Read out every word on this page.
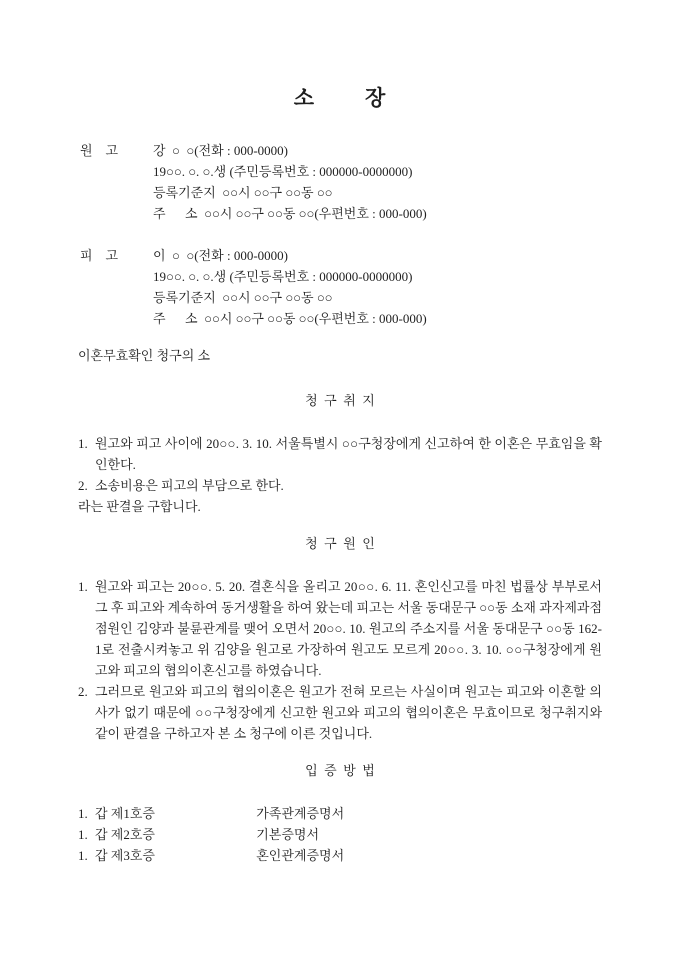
소        장
원    고	강  ○  ○(전화 : 000-0000)
19○○. ○. ○.생 (주민등록번호 : 000000-0000000)
등록기준지  ○○시 ○○구 ○○동 ○○
주      소  ○○시 ○○구 ○○동 ○○(우편번호 : 000-000)
피    고	이  ○  ○(전화 : 000-0000)
19○○. ○. ○.생 (주민등록번호 : 000000-0000000)
등록기준지  ○○시 ○○구 ○○동 ○○
주      소  ○○시 ○○구 ○○동 ○○(우편번호 : 000-000)
이혼무효확인 청구의 소
청  구  취  지
1. 원고와 피고 사이에 20○○. 3. 10. 서울특별시 ○○구청장에게 신고하여 한 이혼은 무효임을 확인한다.
2. 소송비용은 피고의 부담으로 한다.
라는 판결을 구합니다.
청  구  원  인
1. 원고와 피고는 20○○. 5. 20. 결혼식을 올리고 20○○. 6. 11. 혼인신고를 마친 법률상 부부로서 그 후 피고와 계속하여 동거생활을 하여 왔는데 피고는 서울 동대문구 ○○동 소재 과자제과점 점원인 김양과 불륜관계를 맺어 오면서 20○○. 10. 원고의 주소지를 서울 동대문구 ○○동 162-1로 전출시켜놓고 위 김양을 원고로 가장하여 원고도 모르게 20○○. 3. 10. ○○구청장에게 원고와 피고의 협의이혼신고를 하였습니다.
2. 그러므로 원고와 피고의 협의이혼은 원고가 전혀 모르는 사실이며 원고는 피고와 이혼할 의사가 없기 때문에 ○○구청장에게 신고한 원고와 피고의 협의이혼은 무효이므로 청구취지와 같이 판결을 구하고자 본 소 청구에 이른 것입니다.
입  증  방  법
1. 갑 제1호증	가족관계증명서
1. 갑 제2호증	기본증명서
1. 갑 제3호증	혼인관계증명서
